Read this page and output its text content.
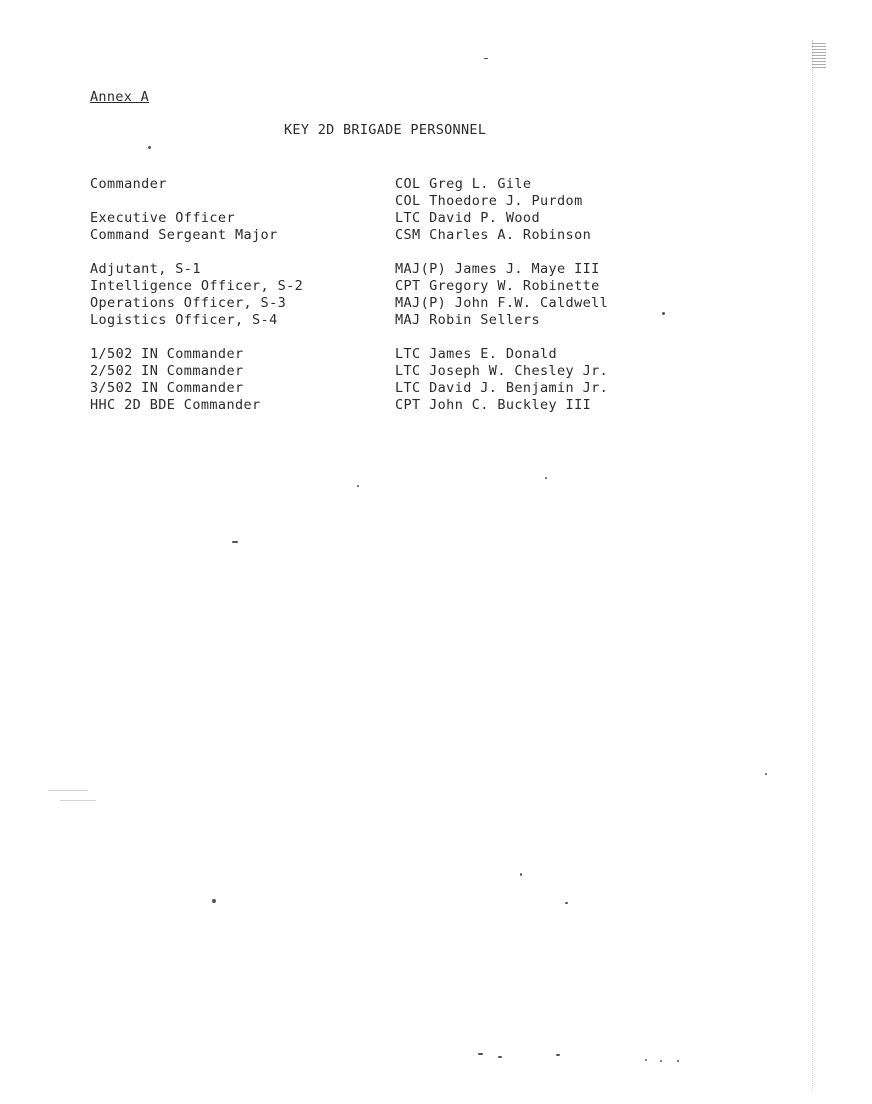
Annex A
KEY 2D BRIGADE PERSONNEL
Commander
Executive Officer
Command Sergeant Major
Adjutant, S-1
Intelligence Officer, S-2
Operations Officer, S-3
Logistics Officer, S-4
1/502 IN Commander
2/502 IN Commander
3/502 IN Commander
HHC 2D BDE Commander
COL Greg L. Gile
COL Thoedore J. Purdom
LTC David P. Wood
CSM Charles A. Robinson
MAJ(P) James J. Maye III
CPT Gregory W. Robinette
MAJ(P) John F.W. Caldwell
MAJ Robin Sellers
LTC James E. Donald
LTC Joseph W. Chesley Jr.
LTC David J. Benjamin Jr.
CPT John C. Buckley III
